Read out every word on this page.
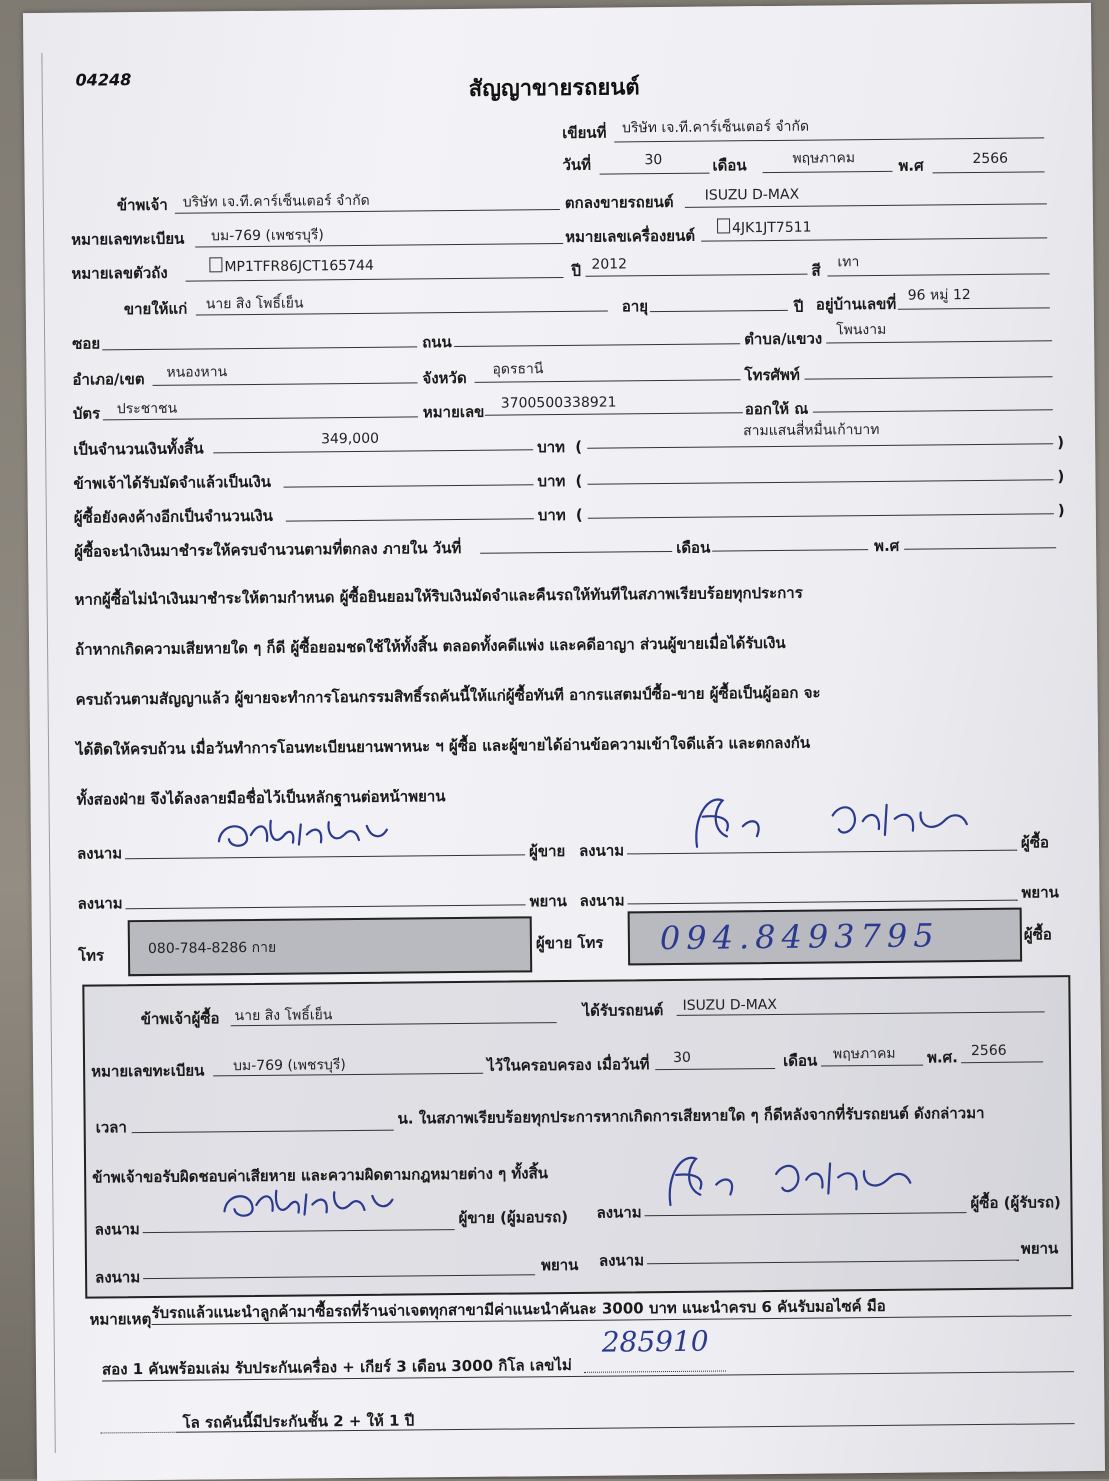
04248	สัญญาขายรถยนต์
เขียนที่ บริษัท เจ.ที.คาร์เซ็นเตอร์ จำกัด
วันที่	30	เดือน	พฤษภาคม	พ.ศ	2566
ข้าพเจ้า บริษัท เจ.ที.คาร์เซ็นเตอร์ จำกัด	ตกลงขายรถยนต์ ISUZU D-MAX
หมายเลขทะเบียน บม-769 (เพชรบุรี)	หมายเลขเครื่องยนต์	4JK1JT7511
หมายเลขตัวถัง	MP1TFR86JCT165744	ปี 2012	สี เทา
ขายให้แก่ นาย สิง โพธิ์เย็น	อายุ	ปี อยู่บ้านเลขที่ 96 หมู่ 12
ซอย	ถนน	ตำบล/แขวง โพนงาม
อำเภอ/เขต หนองหาน	จังหวัด อุดรธานี	โทรศัพท์
บัตร ประชาชน	หมายเลข 3700500338921	ออกให้ ณ
เป็นจำนวนเงินทั้งสิ้น
349,000	บาท (
สามแสนสี่หมื่นเก้าบาท
)
ข้าพเจ้าได้รับมัดจำแล้วเป็นเงิน	บาท (	)
ผู้ซื้อยังคงค้างอีกเป็นจำนวนเงิน	บาท (	)
ผู้ซื้อจะนำเงินมาชำระให้ครบจำนวนตามที่ตกลง ภายใน วันที่	เดือน	พ.ศ
หากผู้ซื้อไม่นำเงินมาชำระให้ตามกำหนด ผู้ซื้อยินยอมให้ริบเงินมัดจำและคืนรถให้ทันทีในสภาพเรียบร้อยทุกประการ
ถ้าหากเกิดความเสียหายใด ๆ ก็ดี ผู้ซื้อยอมชดใช้ให้ทั้งสิ้น ตลอดทั้งคดีแพ่ง และคดีอาญา ส่วนผู้ขายเมื่อได้รับเงิน
ครบถ้วนตามสัญญาแล้ว ผู้ขายจะทำการโอนกรรมสิทธิ์รถคันนี้ให้แก่ผู้ซื้อทันที อากรแสตมป์ซื้อ-ขาย ผู้ซื้อเป็นผู้ออก จะ
ได้ติดให้ครบถ้วน เมื่อวันทำการโอนทะเบียนยานพาหนะ ฯ ผู้ซื้อ และผู้ขายได้อ่านข้อความเข้าใจดีแล้ว และตกลงกัน
ทั้งสองฝ่าย จึงได้ลงลายมือชื่อไว้เป็นหลักฐานต่อหน้าพยาน
ลงนาม	ผู้ขาย ลงนาม	ผู้ซื้อ
ลงนาม	พยาน ลงนาม	พยาน
โทร	080-784-8286 กาย	ผู้ขาย โทร 094.8493795	ผู้ซื้อ
ข้าพเจ้าผู้ซื้อ นาย สิง โพธิ์เย็น	ได้รับรถยนต์ ISUZU D-MAX
หมายเลขทะเบียน บม-769 (เพชรบุรี)	ไว้ในครอบครอง เมื่อวันที่ 30	เดือน พฤษภาคม พ.ศ. 2566
เวลา	น. ในสภาพเรียบร้อยทุกประการหากเกิดการเสียหายใด ๆ ก็ดีหลังจากที่รับรถยนต์ ดังกล่าวมา
ข้าพเจ้าขอรับผิดชอบค่าเสียหาย และความผิดตามกฎหมายต่าง ๆ ทั้งสิ้น
ลงนาม
ผู้ขาย (ผู้มอบรถ) ลงนาม
ผู้ซื้อ (ผู้รับรถ)
ลงนาม
พยาน ลงนาม
พยาน
หมายเหตุ รับรถแล้วแนะนำลูกค้ามาซื้อรถที่ร้านจ่าเจตทุกสาขามีค่าแนะนำคันละ 3000 บาท แนะนำครบ 6 คันรับมอไซค์ มือ
สอง 1 คันพร้อมเล่ม รับประกันเครื่อง + เกียร์ 3 เดือน 3000 กิโล เลขไม่
285910
โล รถคันนี้มีประกันชั้น 2 + ให้ 1 ปี
